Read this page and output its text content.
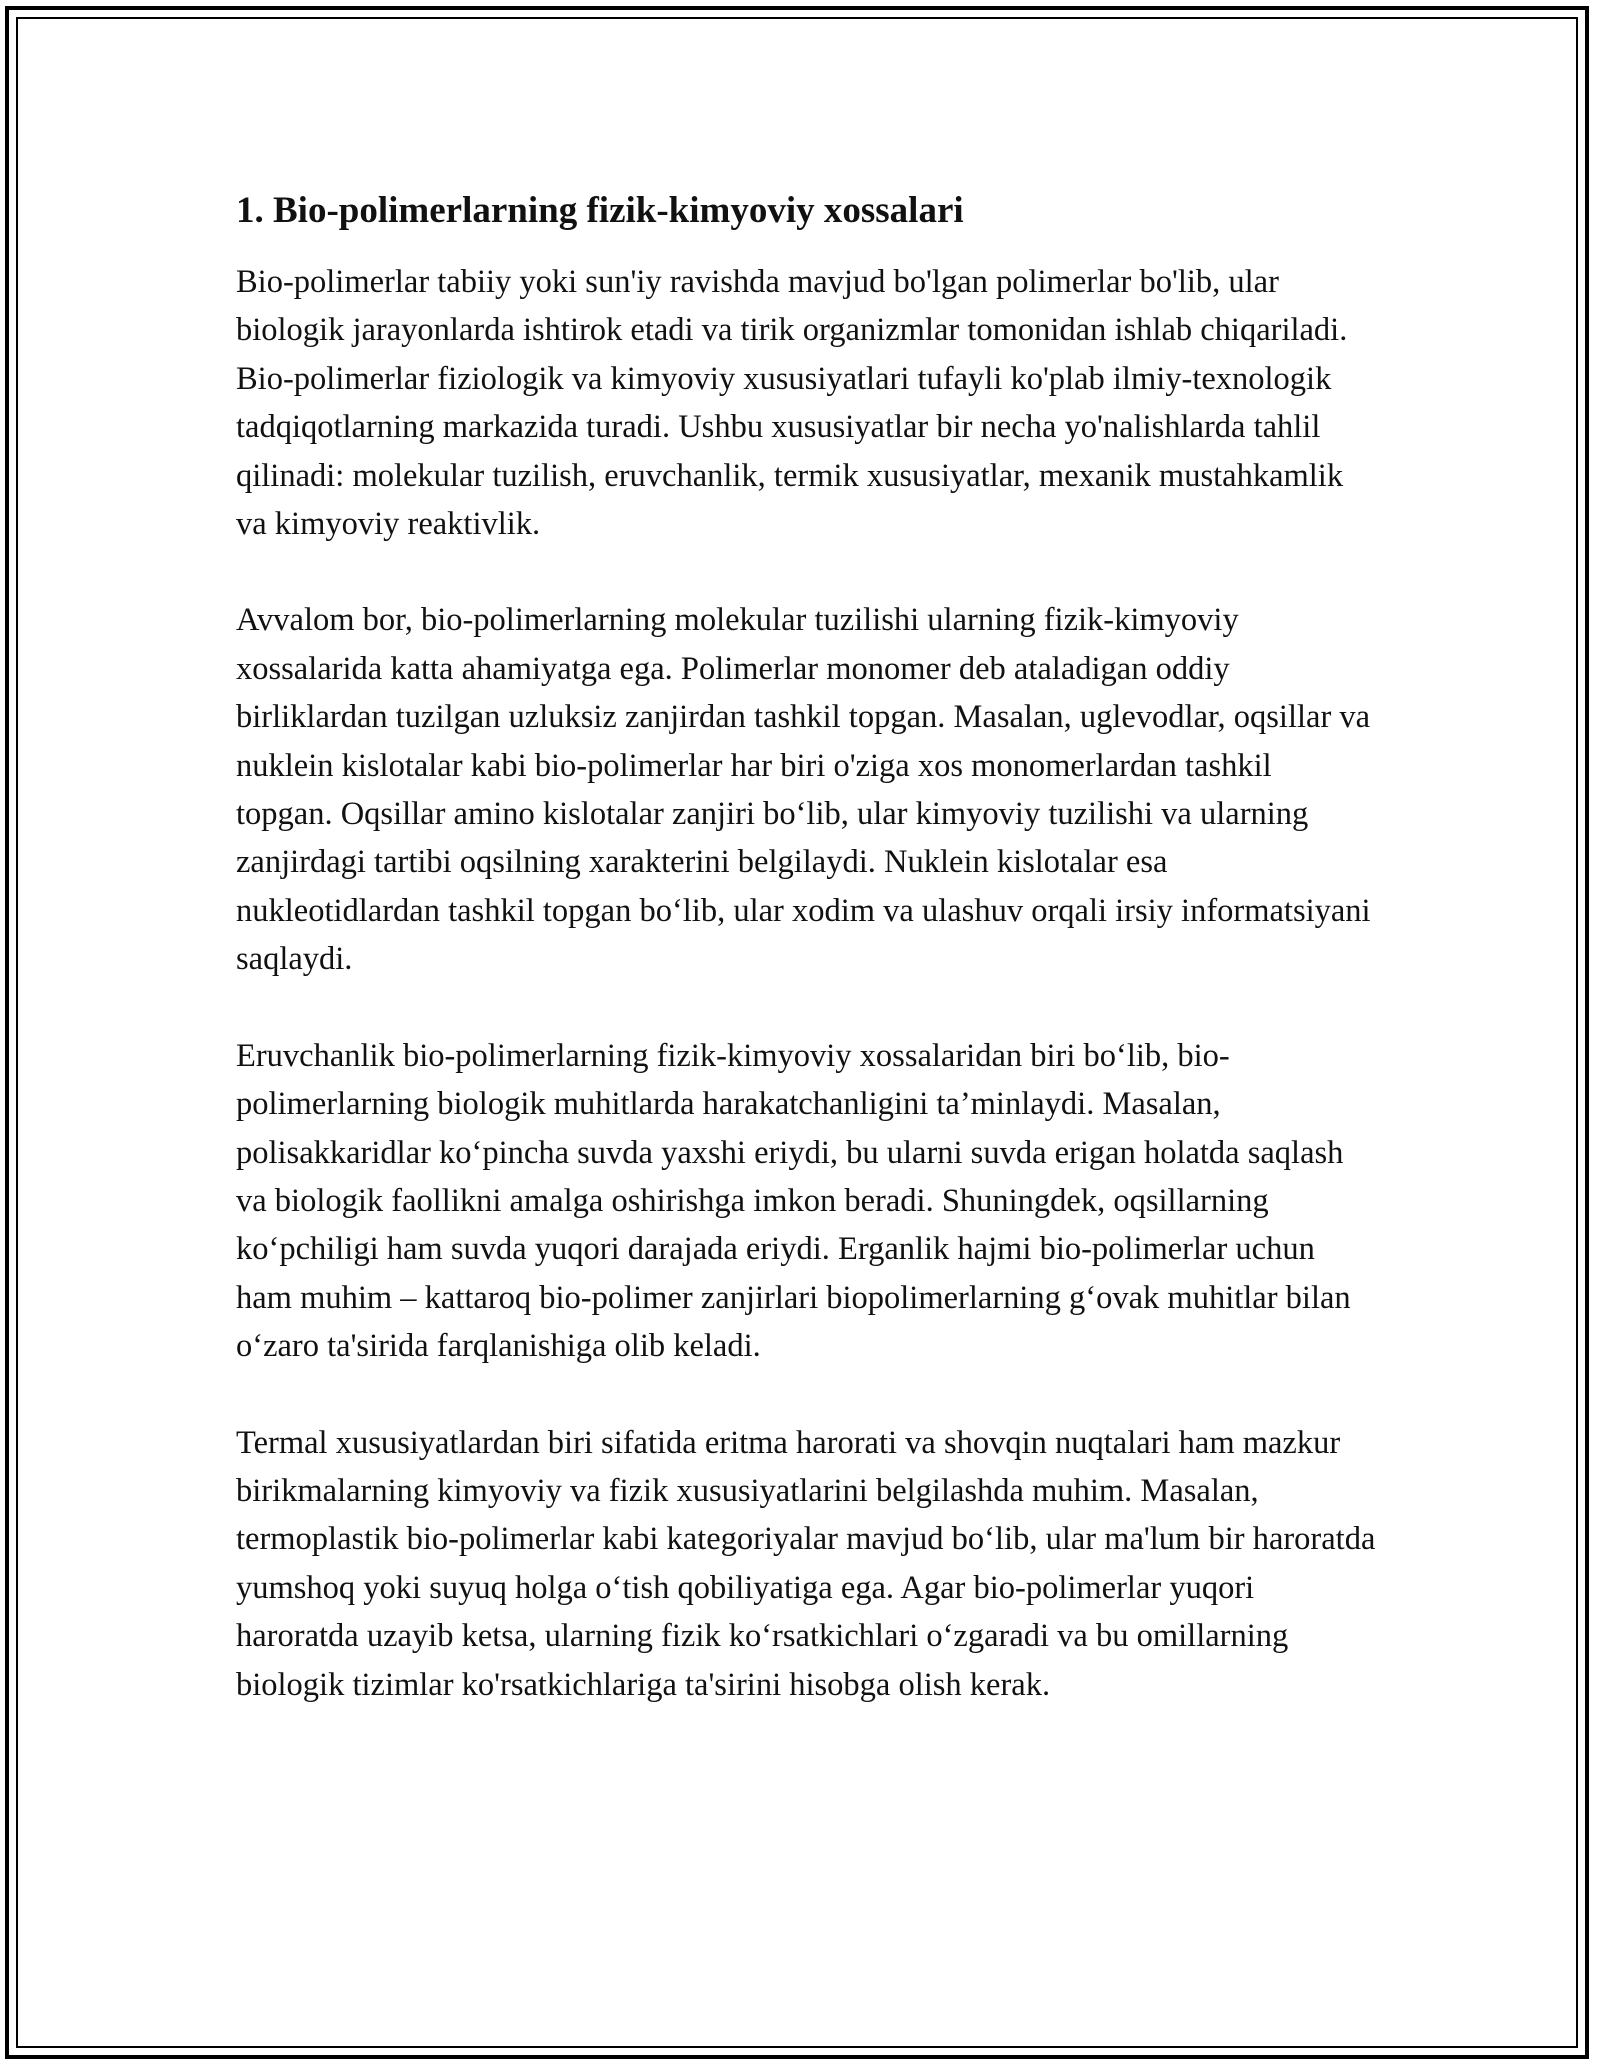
1. Bio-polimerlarning fizik-kimyoviy xossalari

Bio-polimerlar tabiiy yoki sun'iy ravishda mavjud bo'lgan polimerlar bo'lib, ular biologik jarayonlarda ishtirok etadi va tirik organizmlar tomonidan ishlab chiqariladi. Bio-polimerlar fiziologik va kimyoviy xususiyatlari tufayli ko'plab ilmiy-texnologik tadqiqotlarning markazida turadi. Ushbu xususiyatlar bir necha yo'nalishlarda tahlil qilinadi: molekular tuzilish, eruvchanlik, termik xususiyatlar, mexanik mustahkamlik va kimyoviy reaktivlik.

Avvalom bor, bio-polimerlarning molekular tuzilishi ularning fizik-kimyoviy xossalarida katta ahamiyatga ega. Polimerlar monomer deb ataladigan oddiy birliklardan tuzilgan uzluksiz zanjirdan tashkil topgan. Masalan, uglevodlar, oqsillar va nuklein kislotalar kabi bio-polimerlar har biri o'ziga xos monomerlardan tashkil topgan. Oqsillar amino kislotalar zanjiri bo‘lib, ular kimyoviy tuzilishi va ularning zanjirdagi tartibi oqsilning xarakterini belgilaydi. Nuklein kislotalar esa nukleotidlardan tashkil topgan bo‘lib, ular xodim va ulashuv orqali irsiy informatsiyani saqlaydi.

Eruvchanlik bio-polimerlarning fizik-kimyoviy xossalaridan biri bo‘lib, bio-polimerlarning biologik muhitlarda harakatchanligini ta’minlaydi. Masalan, polisakkaridlar ko‘pincha suvda yaxshi eriydi, bu ularni suvda erigan holatda saqlash va biologik faollikni amalga oshirishga imkon beradi. Shuningdek, oqsillarning ko‘pchiligi ham suvda yuqori darajada eriydi. Erganlik hajmi bio-polimerlar uchun ham muhim – kattaroq bio-polimer zanjirlari biopolimerlarning g‘ovak muhitlar bilan o‘zaro ta'sirida farqlanishiga olib keladi.

Termal xususiyatlardan biri sifatida eritma harorati va shovqin nuqtalari ham mazkur birikmalarning kimyoviy va fizik xususiyatlarini belgilashda muhim. Masalan, termoplastik bio-polimerlar kabi kategoriyalar mavjud bo‘lib, ular ma'lum bir haroratda yumshoq yoki suyuq holga o‘tish qobiliyatiga ega. Agar bio-polimerlar yuqori haroratda uzayib ketsa, ularning fizik ko‘rsatkichlari o‘zgaradi va bu omillarning biologik tizimlar ko'rsatkichlariga ta'sirini hisobga olish kerak.
